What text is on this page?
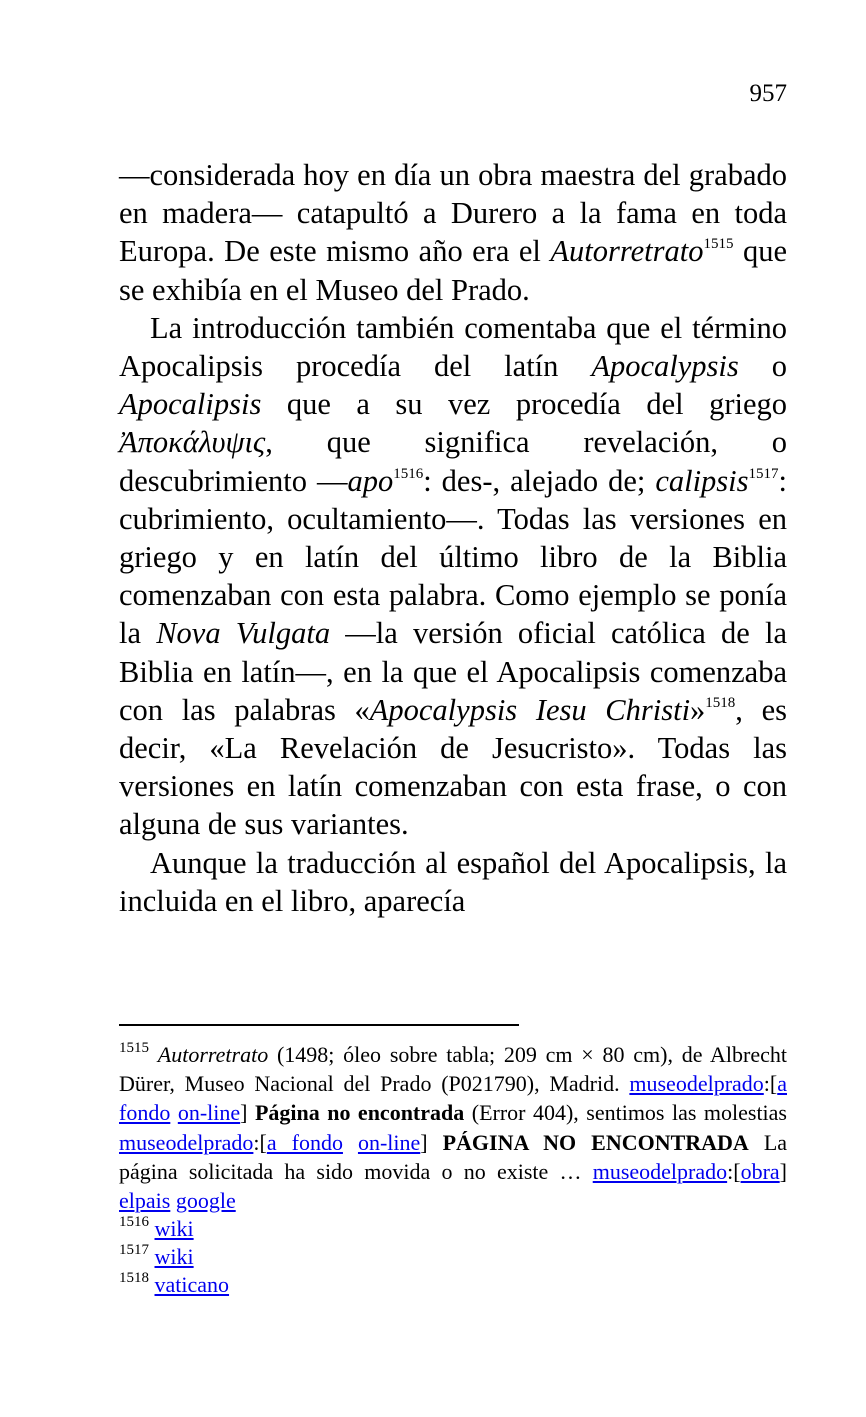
957

—considerada hoy en día un obra maestra del grabado en madera— catapultó a Durero a la fama en toda Europa. De este mismo año era el Autorretrato$^{1515}$ que se exhibía en el Museo del Prado.

La introducción también comentaba que el término Apocalipsis procedía del latín Apocalypsis o Apocalipsis que a su vez procedía del griego Ἀποκάλυψις, que significa revelación, o descubrimiento —apo$^{1516}$: des-, alejado de; calipsis$^{1517}$: cubrimiento, ocultamiento—. Todas las versiones en griego y en latín del último libro de la Biblia comenzaban con esta palabra. Como ejemplo se ponía la Nova Vulgata —la versión oficial católica de la Biblia en latín—, en la que el Apocalipsis comenzaba con las palabras «Apocalypsis Iesu Christi»$^{1518}$, es decir, «La Revelación de Jesucristo». Todas las versiones en latín comenzaban con esta frase, o con alguna de sus variantes.

Aunque la traducción al español del Apocalipsis, la incluida en el libro, aparecía

$^{1515}$ Autorretrato (1498; óleo sobre tabla; 209 cm × 80 cm), de Albrecht Dürer, Museo Nacional del Prado (P021790), Madrid. museodelprado:[a fondo on-line] Página no encontrada (Error 404), sentimos las molestias museodelprado:[a fondo on-line] PÁGINA NO ENCONTRADA La página solicitada ha sido movida o no existe … museodelprado:[obra] elpais google

$^{1516}$ wiki

$^{1517}$ wiki

$^{1518}$ vaticano
